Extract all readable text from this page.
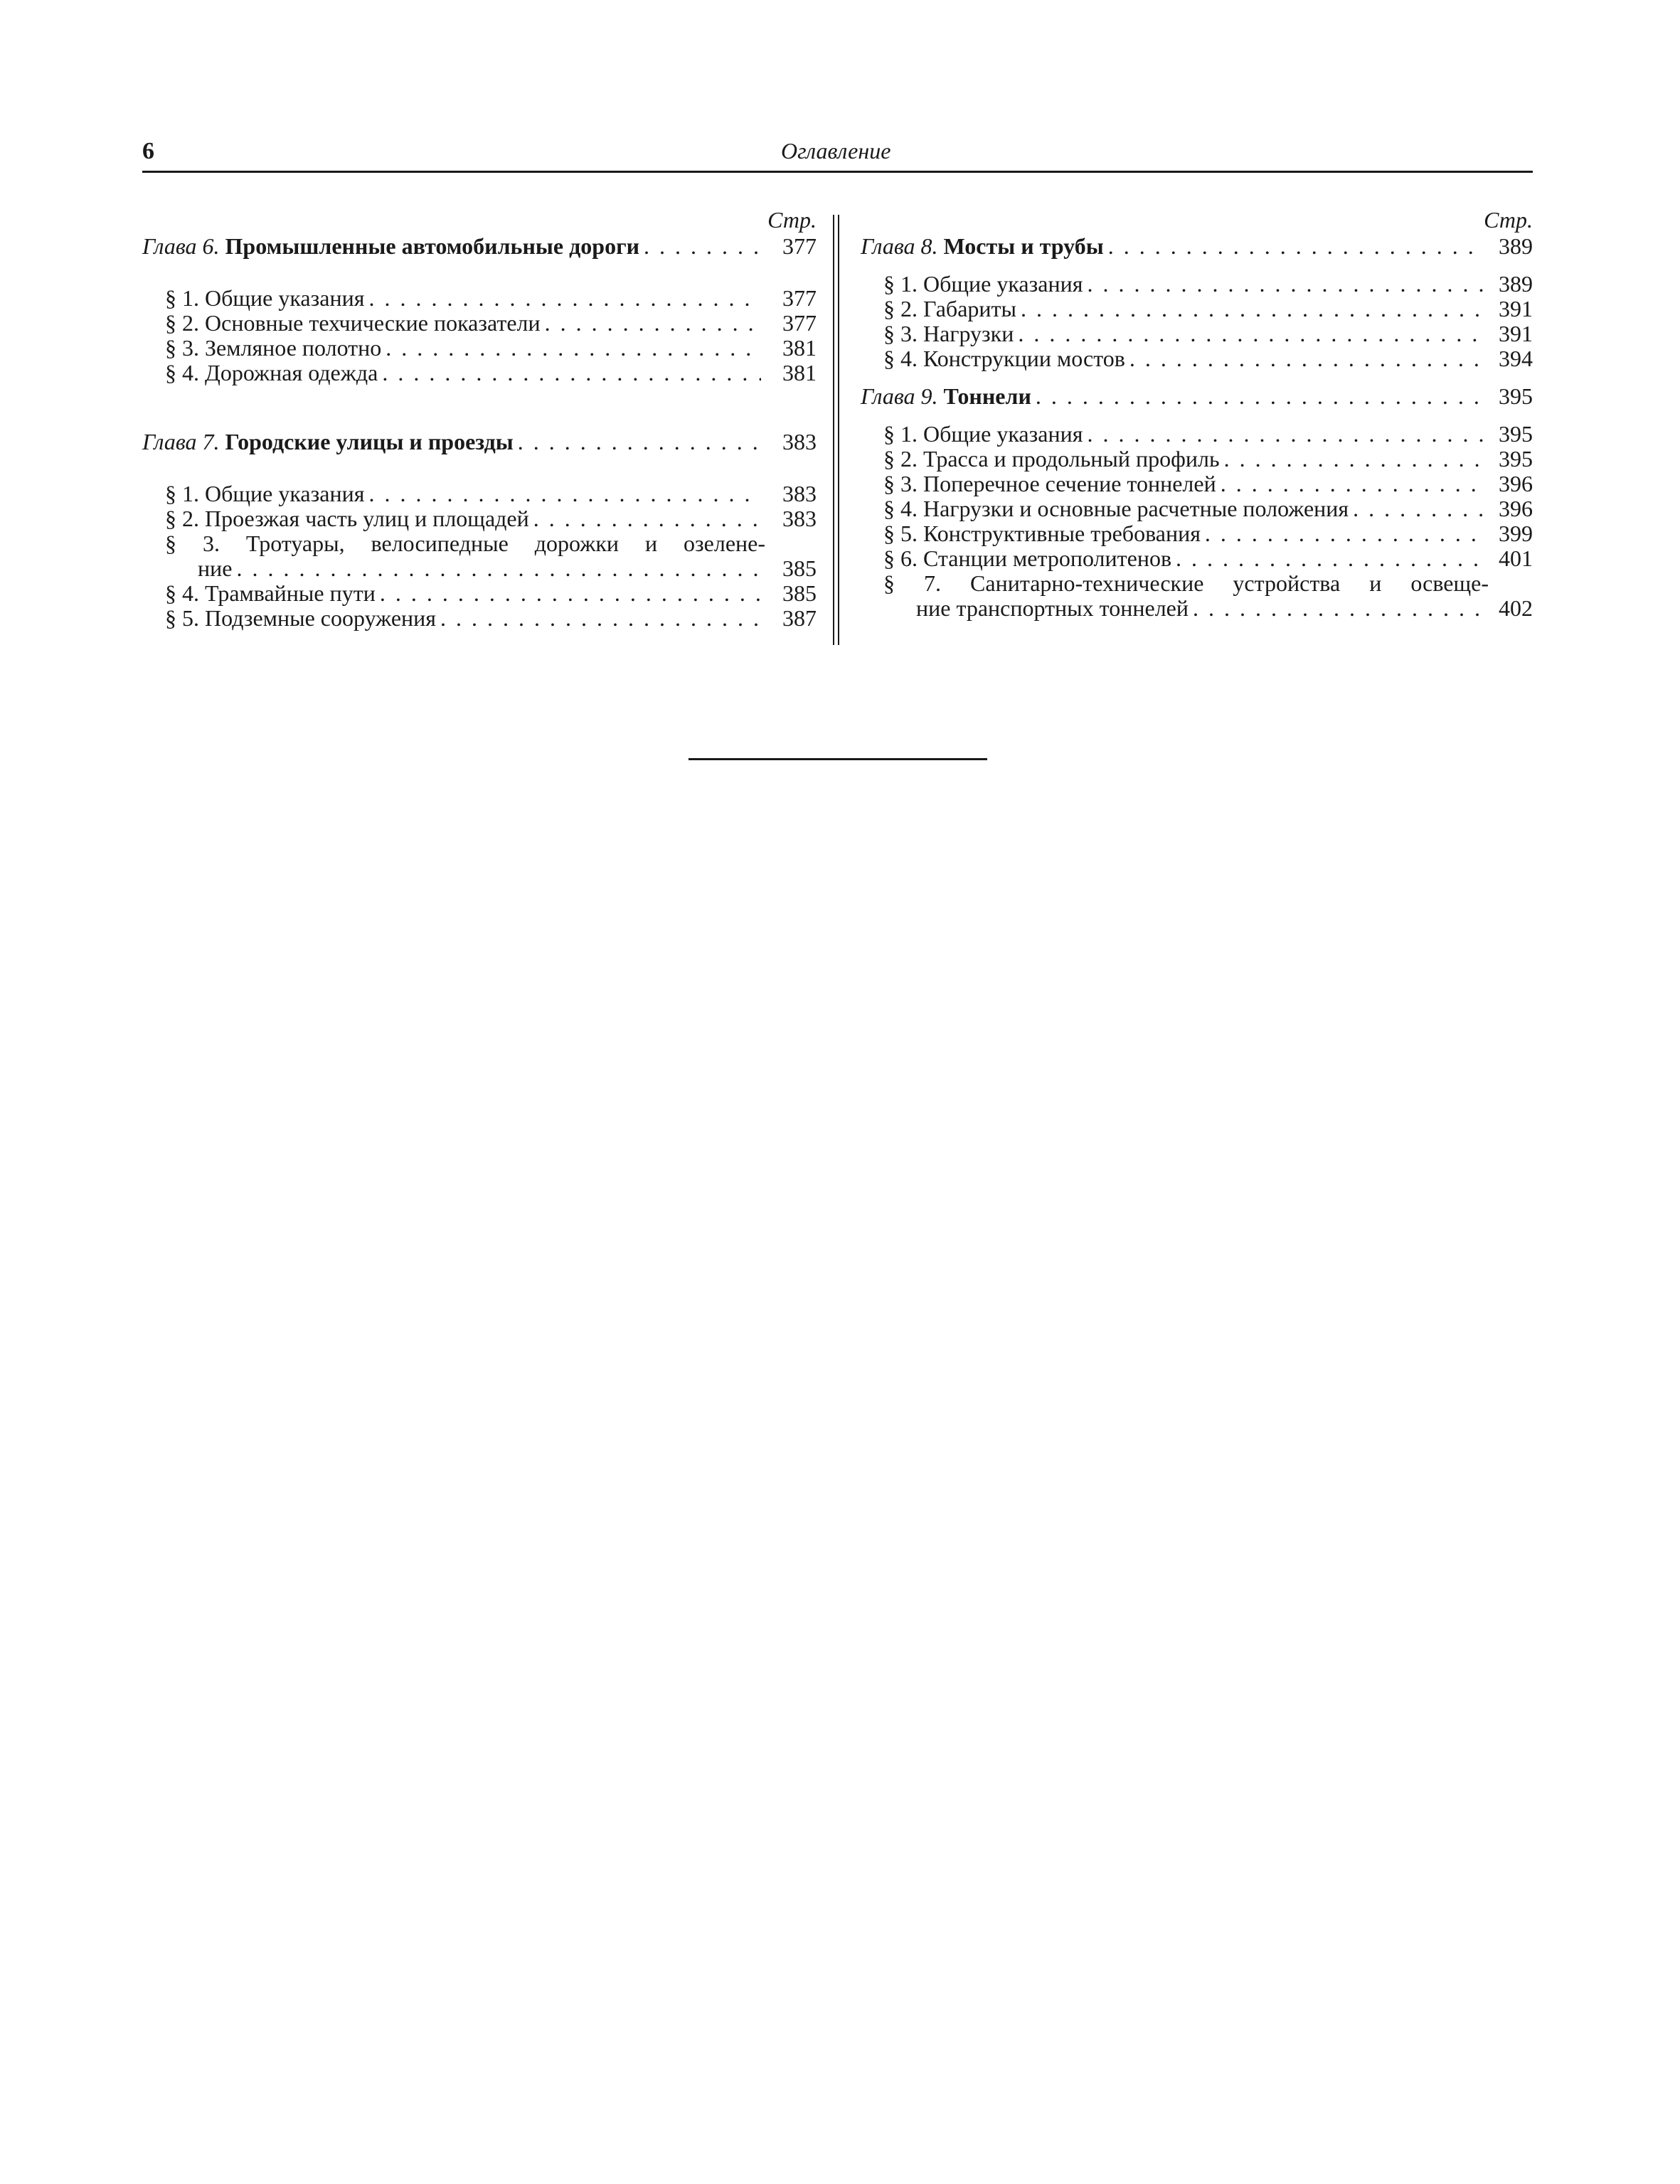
6	Оглавление
Стр.
Глава 6. Промышленные автомобильные дороги . . .	377
§ 1. Общие указания . . .	377
§ 2. Основные техчические показатели . . .	377
§ 3. Земляное полотно . . .	381
§ 4. Дорожная одежда . . .	381
Глава 7. Городские улицы и проезды . . .	383
§ 1. Общие указания . . .	383
§ 2. Проезжая часть улиц и площадей . . .	383
§ 3. Тротуары, велосипедные дорожки и озелене-
ние . . .	385
§ 4. Трамвайные пути . . .	385
§ 5. Подземные сооружения . . .	387
Стр.
Глава 8. Мосты и трубы . . .	389
§ 1. Общие указания . . .	389
§ 2. Габариты . . .	391
§ 3. Нагрузки . . .	391
§ 4. Конструкции мостов . . .	394
Глава 9. Тоннели . . .	395
§ 1. Общие указания . . .	395
§ 2. Трасса и продольный профиль . . .	395
§ 3. Поперечное сечение тоннелей . . .	396
§ 4. Нагрузки и основные расчетные положения . . .	396
§ 5. Конструктивные требования . . .	399
§ 6. Станции метрополитенов . . .	401
§ 7. Санитарно-технические устройства и освеще-
ние транспортных тоннелей . . .	402
